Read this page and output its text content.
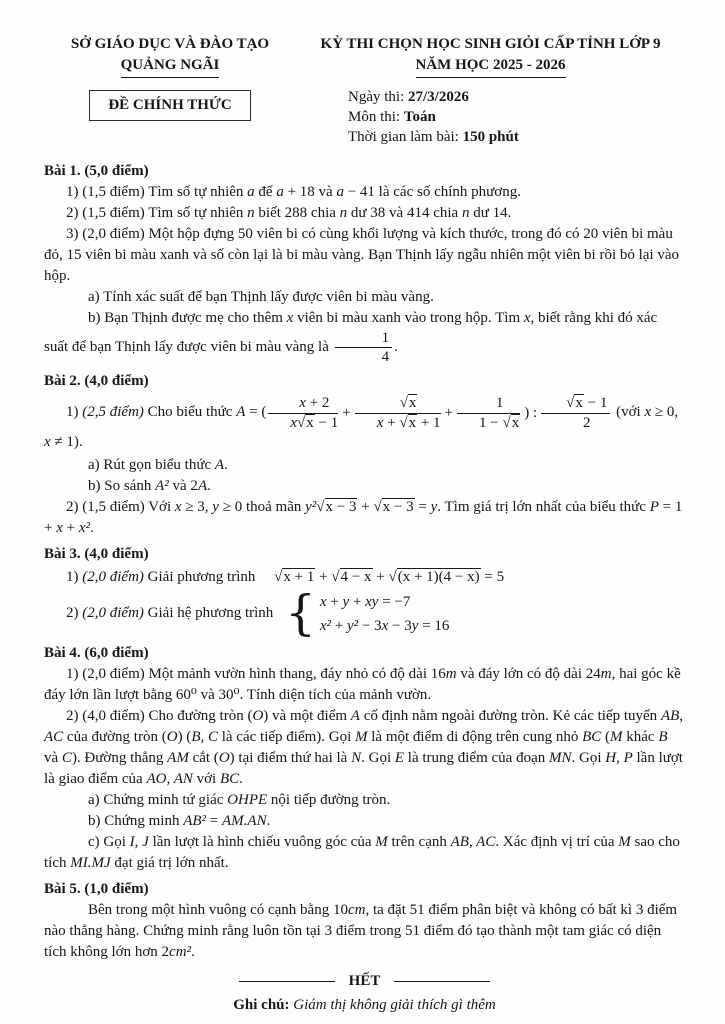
SỞ GIÁO DỤC VÀ ĐÀO TẠO
QUẢNG NGÃI
ĐỀ CHÍNH THỨC
KỲ THI CHỌN HỌC SINH GIỎI CẤP TỈNH LỚP 9
NĂM HỌC 2025 - 2026
Ngày thi: 27/3/2026
Môn thi: Toán
Thời gian làm bài: 150 phút

Bài 1. (5,0 điểm)

1) (1,5 điểm) Tìm số tự nhiên a để a + 18 và a − 41 là các số chính phương.

2) (1,5 điểm) Tìm số tự nhiên n biết 288 chia n dư 38 và 414 chia n dư 14.

3) (2,0 điểm) Một hộp đựng 50 viên bi có cùng khối lượng và kích thước, trong đó có 20 viên bi màu đỏ, 15 viên bi màu xanh và số còn lại là bi màu vàng. Bạn Thịnh lấy ngẫu nhiên một viên bi rồi bỏ lại vào hộp.

a) Tính xác suất để bạn Thịnh lấy được viên bi màu vàng.

b) Bạn Thịnh được mẹ cho thêm x viên bi màu xanh vào trong hộp. Tìm x, biết rằng khi đó xác suất để bạn Thịnh lấy được viên bi màu vàng là $\frac{1}{4}$ .

Bài 2. (4,0 điểm)

1) (2,5 điểm) Cho biểu thức A = ( $\frac{x + 2}{x√x - 1} + \frac{√x}{x + √x + 1} + \frac{1}{1 - √x}$ ) : $\frac{√x - 1}{2}$ (với x ≥ 0, x ≠ 1).

a) Rút gọn biểu thức A.

b) So sánh A² và 2A.

2) (1,5 điểm) Với x ≥ 3, y ≥ 0 thoả mãn y²√x − 3 + √x − 3 = y. Tìm giá trị lớn nhất của biểu thức P = 1 + x + x².

Bài 3. (4,0 điểm)

1) (2,0 điểm) Giải phương trình  √x + 1 + √4 − x + √(x + 1)(4 − x) = 5

2) (2,0 điểm) Giải hệ phương trình { x + y + xy = −7
x² + y² − 3x − 3y = 16

Bài 4. (6,0 điểm)

1) (2,0 điểm) Một mảnh vườn hình thang, đáy nhỏ có độ dài 16m và đáy lớn có độ dài 24m, hai góc kề đáy lớn lần lượt bằng 60⁰ và 30⁰. Tính diện tích của mảnh vườn.

2) (4,0 điểm) Cho đường tròn (O) và một điểm A cố định nằm ngoài đường tròn. Kẻ các tiếp tuyến AB, AC của đường tròn (O) (B, C là các tiếp điểm). Gọi M là một điểm di động trên cung nhỏ BC (M khác B và C). Đường thẳng AM cắt (O) tại điểm thứ hai là N. Gọi E là trung điểm của đoạn MN. Gọi H, P lần lượt là giao điểm của AO, AN với BC.

a) Chứng minh tứ giác OHPE nội tiếp đường tròn.

b) Chứng minh AB² = AM.AN.

c) Gọi I, J lần lượt là hình chiếu vuông góc của M trên cạnh AB, AC. Xác định vị trí của M sao cho tích MI.MJ đạt giá trị lớn nhất.

Bài 5. (1,0 điểm)

Bên trong một hình vuông có cạnh bằng 10cm, ta đặt 51 điểm phân biệt và không có bất kì 3 điểm nào thẳng hàng. Chứng minh rằng luôn tồn tại 3 điểm trong 51 điểm đó tạo thành một tam giác có diện tích không lớn hơn 2cm².

HẾT
Ghi chú: Giám thị không giải thích gì thêm
